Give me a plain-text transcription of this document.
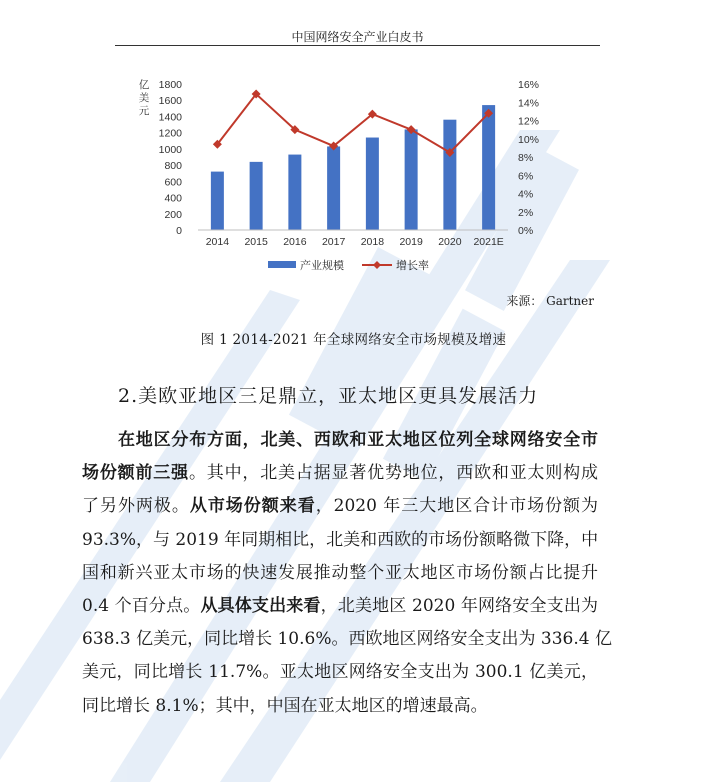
中国网络安全产业白皮书
亿
美
元
0
200
400
600
800
1000
1200
1400
1600
1800
0%
2%
4%
6%
8%
10%
12%
14%
16%
2014 2015 2016 2017 2018 2019 2020 2021E
产业规模	增长率
来源： Gartner
图 1 2014-2021 年全球网络安全市场规模及增速
2.美欧亚地区三足鼎立，亚太地区更具发展活力
在地区分布方面，北美、西欧和亚太地区位列全球网络安全市
场份额前三强。其中，北美占据显著优势地位，西欧和亚太则构成
了另外两极。从市场份额来看，2020 年三大地区合计市场份额为
93.3%，与 2019 年同期相比，北美和西欧的市场份额略微下降，中
国和新兴亚太市场的快速发展推动整个亚太地区市场份额占比提升
0.4 个百分点。从具体支出来看，北美地区 2020 年网络安全支出为
638.3 亿美元，同比增长 10.6%。西欧地区网络安全支出为 336.4 亿
美元，同比增长 11.7%。亚太地区网络安全支出为 300.1 亿美元，
同比增长 8.1%；其中，中国在亚太地区的增速最高。
